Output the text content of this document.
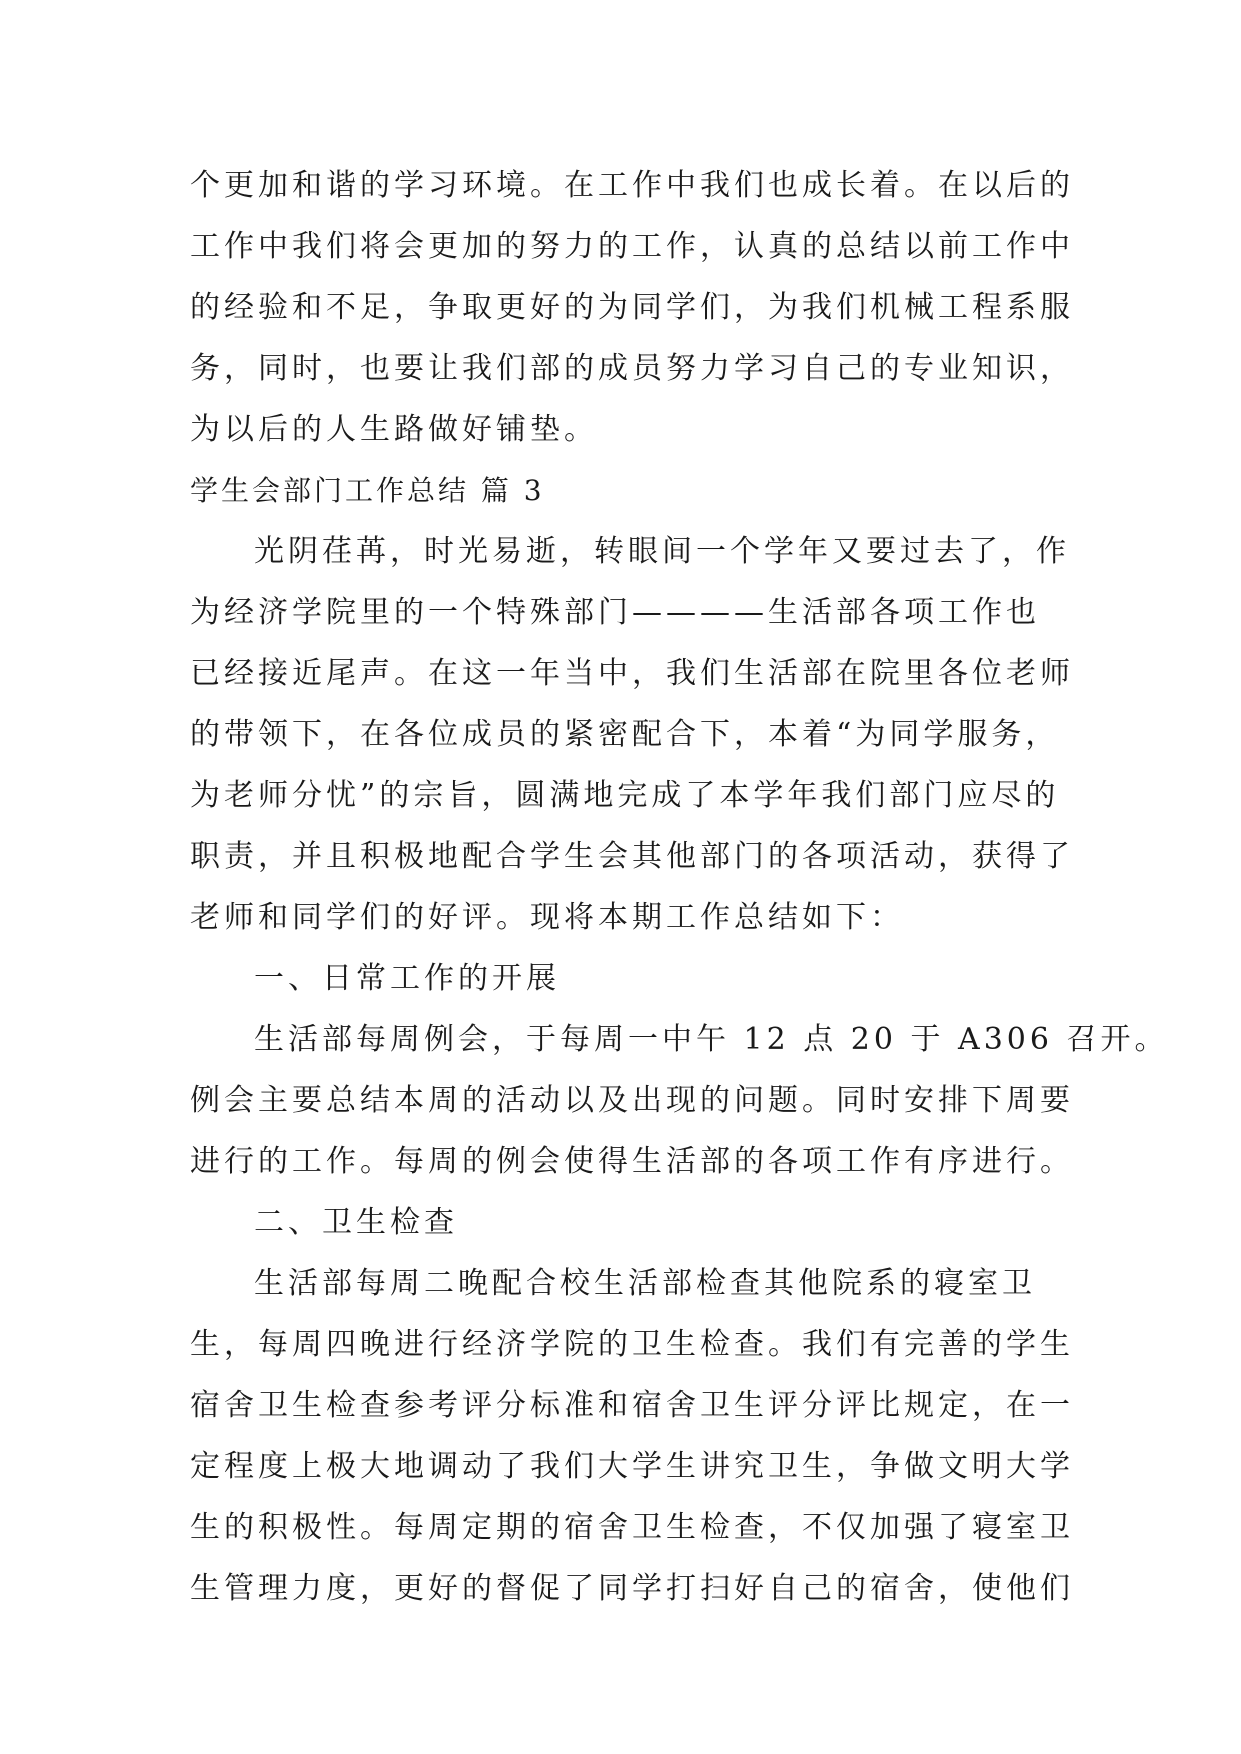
个更加和谐的学习环境。在工作中我们也成长着。在以后的
工作中我们将会更加的努力的工作，认真的总结以前工作中
的经验和不足，争取更好的为同学们，为我们机械工程系服
务，同时，也要让我们部的成员努力学习自己的专业知识，
为以后的人生路做好铺垫。
学生会部门工作总结 篇 3
光阴荏苒，时光易逝，转眼间一个学年又要过去了，作
为经济学院里的一个特殊部门————生活部各项工作也
已经接近尾声。在这一年当中，我们生活部在院里各位老师
的带领下，在各位成员的紧密配合下，本着“为同学服务，
为老师分忧”的宗旨，圆满地完成了本学年我们部门应尽的
职责，并且积极地配合学生会其他部门的各项活动，获得了
老师和同学们的好评。现将本期工作总结如下：
一、日常工作的开展
生活部每周例会，于每周一中午 12 点 20 于 A306 召开。
例会主要总结本周的活动以及出现的问题。同时安排下周要
进行的工作。每周的例会使得生活部的各项工作有序进行。
二、卫生检查
生活部每周二晚配合校生活部检查其他院系的寝室卫
生，每周四晚进行经济学院的卫生检查。我们有完善的学生
宿舍卫生检查参考评分标准和宿舍卫生评分评比规定，在一
定程度上极大地调动了我们大学生讲究卫生，争做文明大学
生的积极性。每周定期的宿舍卫生检查，不仅加强了寝室卫
生管理力度，更好的督促了同学打扫好自己的宿舍，使他们
